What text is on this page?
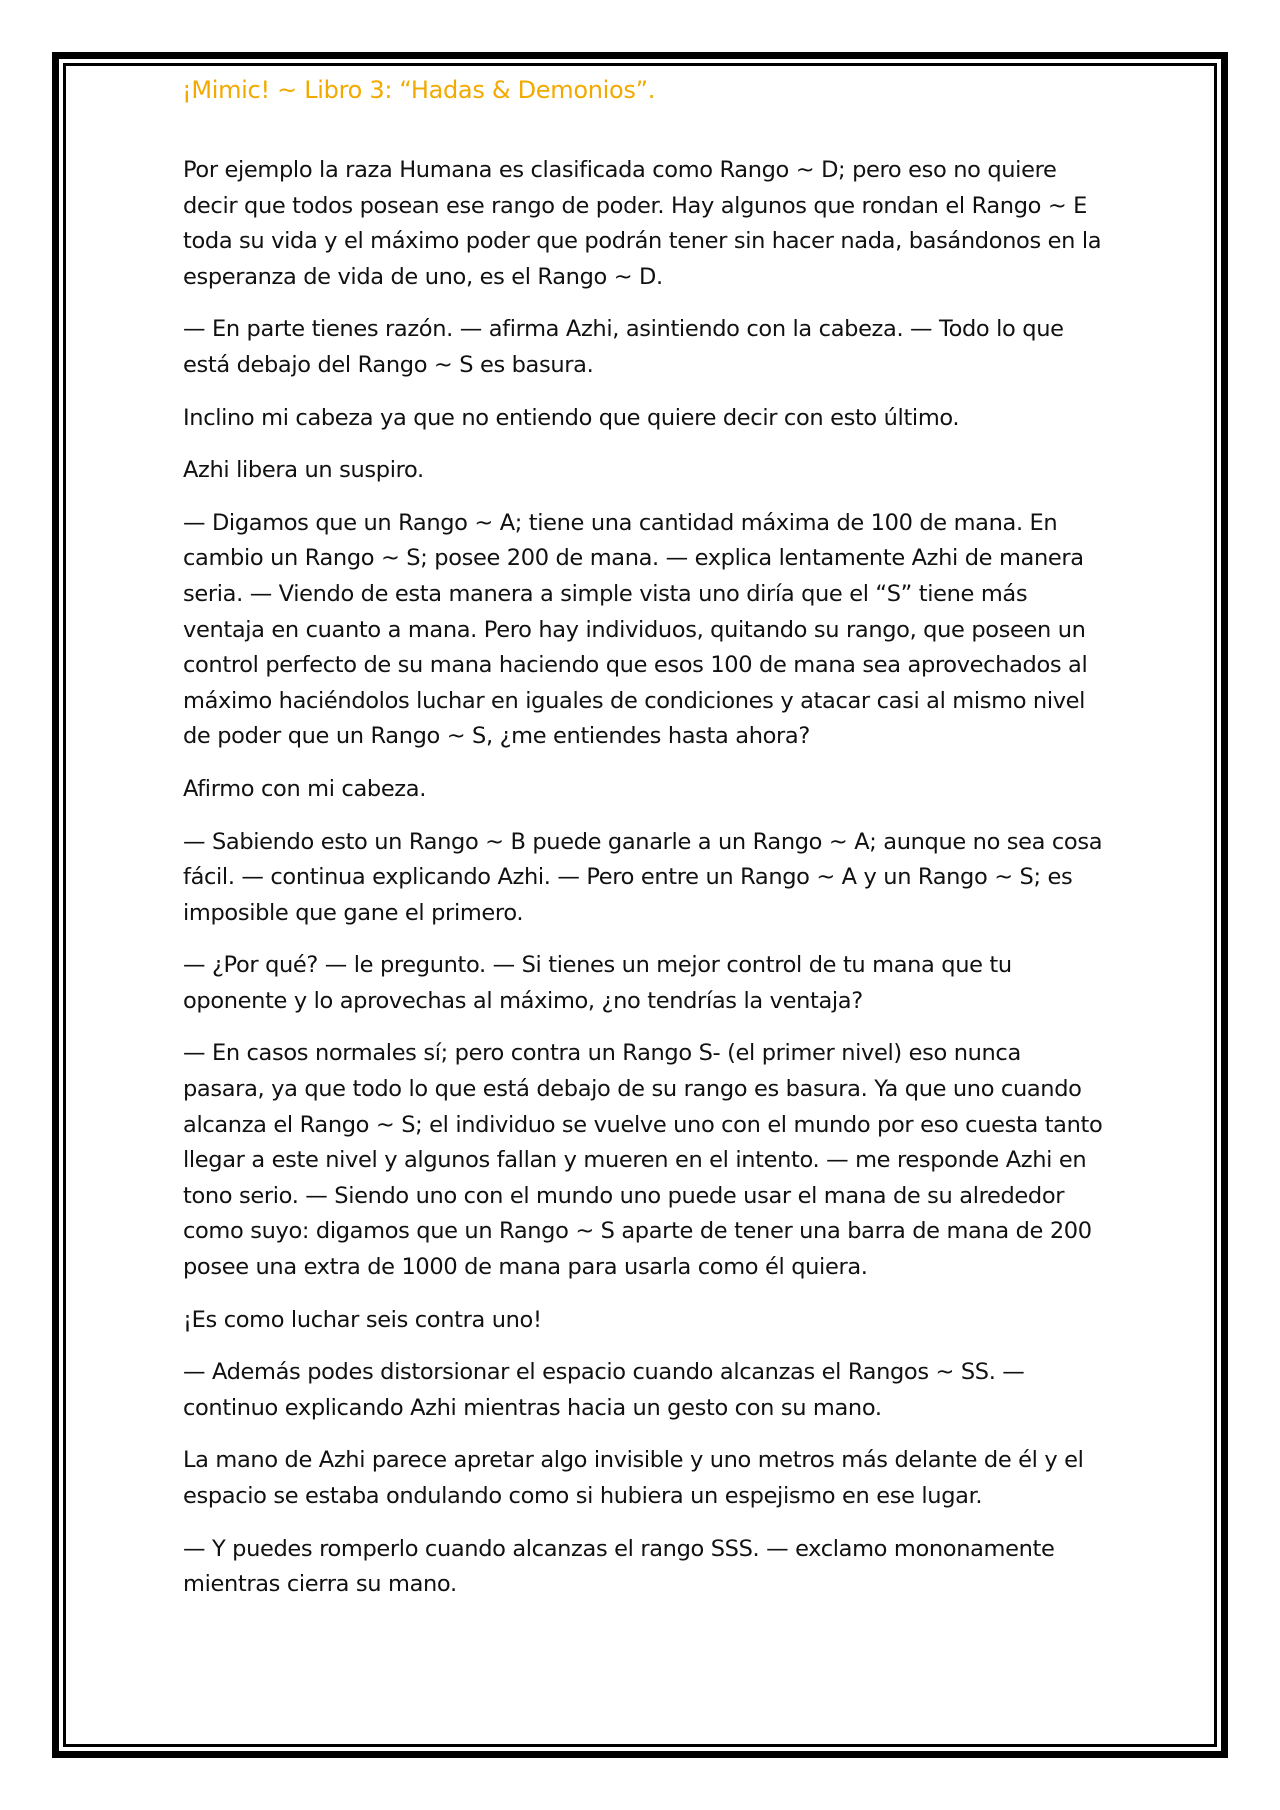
¡Mimic! ~ Libro 3: “Hadas & Demonios”.

Por ejemplo la raza Humana es clasificada como Rango ~ D; pero eso no quiere decir que todos posean ese rango de poder. Hay algunos que rondan el Rango ~ E toda su vida y el máximo poder que podrán tener sin hacer nada, basándonos en la esperanza de vida de uno, es el Rango ~ D.

— En parte tienes razón. — afirma Azhi, asintiendo con la cabeza. — Todo lo que está debajo del Rango ~ S es basura.

Inclino mi cabeza ya que no entiendo que quiere decir con esto último.

Azhi libera un suspiro.

— Digamos que un Rango ~ A; tiene una cantidad máxima de 100 de mana. En cambio un Rango ~ S; posee 200 de mana. — explica lentamente Azhi de manera seria. — Viendo de esta manera a simple vista uno diría que el “S” tiene más ventaja en cuanto a mana. Pero hay individuos, quitando su rango, que poseen un control perfecto de su mana haciendo que esos 100 de mana sea aprovechados al máximo haciéndolos luchar en iguales de condiciones y atacar casi al mismo nivel de poder que un Rango ~ S, ¿me entiendes hasta ahora?

Afirmo con mi cabeza.

— Sabiendo esto un Rango ~ B puede ganarle a un Rango ~ A; aunque no sea cosa fácil. — continua explicando Azhi. — Pero entre un Rango ~ A y un Rango ~ S; es imposible que gane el primero.

— ¿Por qué? — le pregunto. — Si tienes un mejor control de tu mana que tu oponente y lo aprovechas al máximo, ¿no tendrías la ventaja?

— En casos normales sí; pero contra un Rango S- (el primer nivel) eso nunca pasara, ya que todo lo que está debajo de su rango es basura. Ya que uno cuando alcanza el Rango ~ S; el individuo se vuelve uno con el mundo por eso cuesta tanto llegar a este nivel y algunos fallan y mueren en el intento. — me responde Azhi en tono serio. — Siendo uno con el mundo uno puede usar el mana de su alrededor como suyo: digamos que un Rango ~ S aparte de tener una barra de mana de 200 posee una extra de 1000 de mana para usarla como él quiera.

¡Es como luchar seis contra uno!

— Además podes distorsionar el espacio cuando alcanzas el Rangos ~ SS. — continuo explicando Azhi mientras hacia un gesto con su mano.

La mano de Azhi parece apretar algo invisible y uno metros más delante de él y el espacio se estaba ondulando como si hubiera un espejismo en ese lugar.

— Y puedes romperlo cuando alcanzas el rango SSS. — exclamo mononamente mientras cierra su mano.
